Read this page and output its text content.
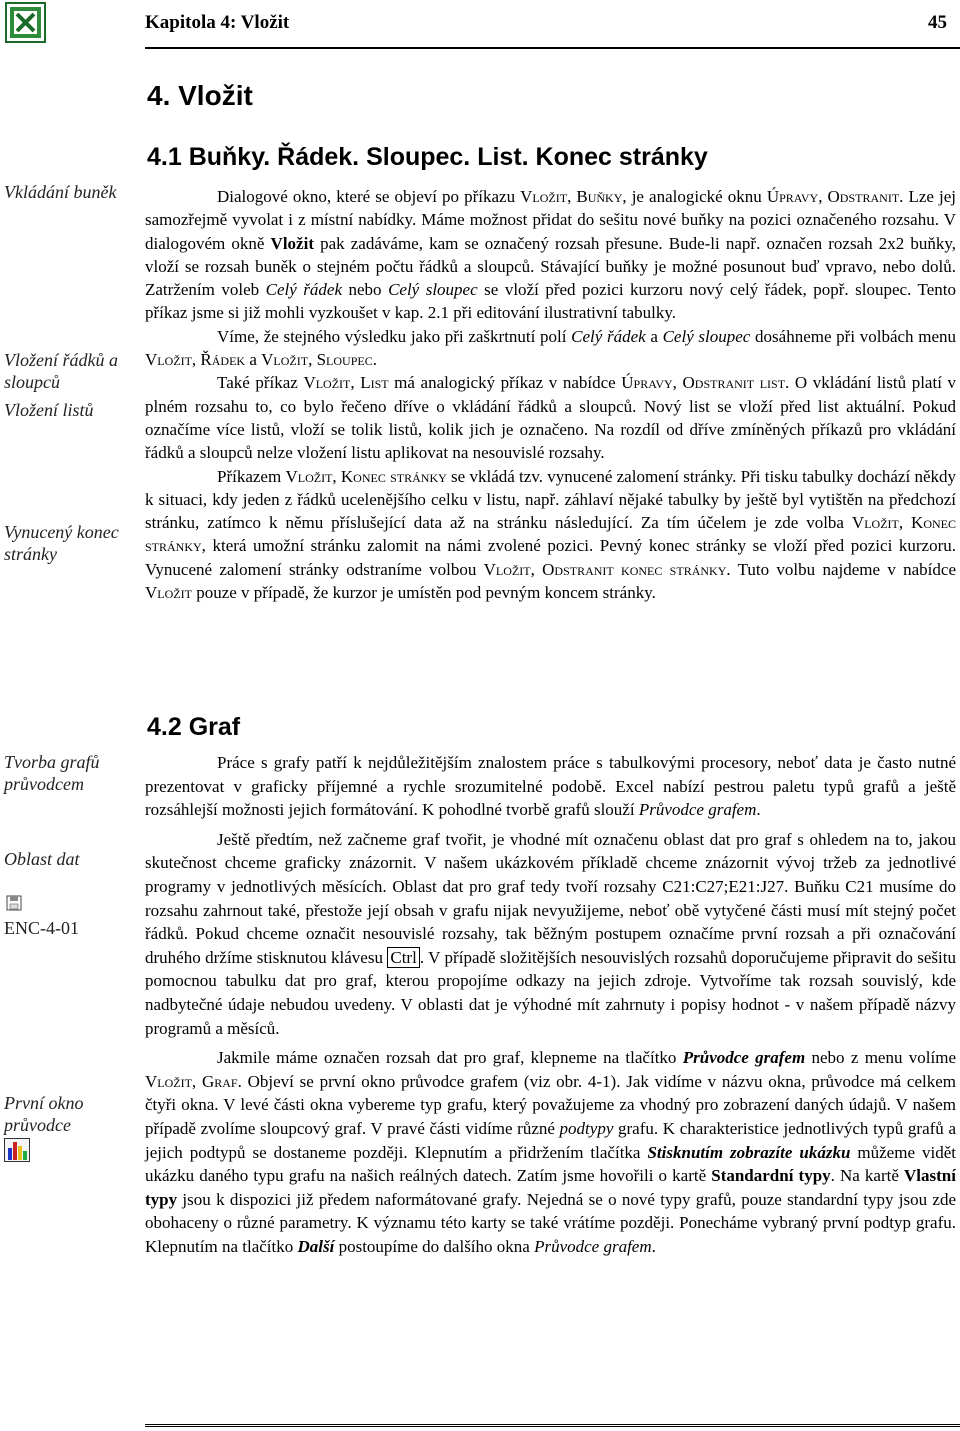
Kapitola 4: Vložit	45
4. Vložit
4.1 Buňky. Řádek. Sloupec. List. Konec stránky
Vkládání buněk
Vložení řádků a sloupců
Vložení listů
Vynucený konec stránky

Dialogové okno, které se objeví po příkazu Vložit, Buňky, je analogické oknu Úpravy, Odstranit. Lze jej samozřejmě vyvolat i z místní nabídky. Máme možnost přidat do sešitu nové buňky na pozici označeného rozsahu. V dialogovém okně Vložit pak zadáváme, kam se označený rozsah přesune. Bude-li např. označen rozsah 2x2 buňky, vloží se rozsah buněk o stejném počtu řádků a sloupců. Stávající buňky je možné posunout buď vpravo, nebo dolů. Zatržením voleb Celý řádek nebo Celý sloupec se vloží před pozici kurzoru nový celý řádek, popř. sloupec. Tento příkaz jsme si již mohli vyzkoušet v kap. 2.1 při editování ilustrativní tabulky.

Víme, že stejného výsledku jako při zaškrtnutí polí Celý řádek a Celý sloupec dosáhneme při volbách menu Vložit, Řádek a Vložit, Sloupec.

Také příkaz Vložit, List má analogický příkaz v nabídce Úpravy, Odstranit list. O vkládání listů platí v plném rozsahu to, co bylo řečeno dříve o vkládání řádků a sloupců. Nový list se vloží před list aktuální. Pokud označíme více listů, vloží se tolik listů, kolik jich je označeno. Na rozdíl od dříve zmíněných příkazů pro vkládání řádků a sloupců nelze vložení listu aplikovat na nesouvislé rozsahy.

Příkazem Vložit, Konec stránky se vkládá tzv. vynucené zalomení stránky. Při tisku tabulky dochází někdy k situaci, kdy jeden z řádků ucelenějšího celku v listu, např. záhlaví nějaké tabulky by ještě byl vytištěn na předchozí stránku, zatímco k němu příslušející data až na stránku následující. Za tím účelem je zde volba Vložit, Konec stránky, která umožní stránku zalomit na námi zvolené pozici. Pevný konec stránky se vloží před pozici kurzoru. Vynucené zalomení stránky odstraníme volbou Vložit, Odstranit konec stránky. Tuto volbu najdeme v nabídce Vložit pouze v případě, že kurzor je umístěn pod pevným koncem stránky.

4.2 Graf
Tvorba grafů průvodcem
Oblast dat
ENC-4-01
První okno průvodce

Práce s grafy patří k nejdůležitějším znalostem práce s tabulkovými procesory, neboť data je často nutné prezentovat v graficky příjemné a rychle srozumitelné podobě. Excel nabízí pestrou paletu typů grafů a ještě rozsáhlejší možnosti jejich formátování. K pohodlné tvorbě grafů slouží Průvodce grafem.

Ještě předtím, než začneme graf tvořit, je vhodné mít označenu oblast dat pro graf s ohledem na to, jakou skutečnost chceme graficky znázornit. V našem ukázkovém příkladě chceme znázornit vývoj tržeb za jednotlivé programy v jednotlivých měsících. Oblast dat pro graf tedy tvoří rozsahy C21:C27;E21:J27. Buňku C21 musíme do rozsahu zahrnout také, přestože její obsah v grafu nijak nevyužijeme, neboť obě vytyčené části musí mít stejný počet řádků. Pokud chceme označit nesouvislé rozsahy, tak běžným postupem označíme první rozsah a při označování druhého držíme stisknutou klávesu Ctrl . V případě složitějších nesouvislých rozsahů doporučujeme připravit do sešitu pomocnou tabulku dat pro graf, kterou propojíme odkazy na jejich zdroje. Vytvoříme tak rozsah souvislý, kde nadbytečné údaje nebudou uvedeny. V oblasti dat je výhodné mít zahrnuty i popisy hodnot - v našem případě názvy programů a měsíců.

Jakmile máme označen rozsah dat pro graf, klepneme na tlačítko Průvodce grafem nebo z menu volíme Vložit, Graf. Objeví se první okno průvodce grafem (viz obr. 4-1). Jak vidíme v názvu okna, průvodce má celkem čtyři okna. V levé části okna vybereme typ grafu, který považujeme za vhodný pro zobrazení daných údajů. V našem případě zvolíme sloupcový graf. V pravé části vidíme různé podtypy grafu. K charakteristice jednotlivých typů grafů a jejich podtypů se dostaneme později. Klepnutím a přidržením tlačítka Stisknutím zobrazíte ukázku můžeme vidět ukázku daného typu grafu na našich reálných datech. Zatím jsme hovořili o kartě Standardní typy. Na kartě Vlastní typy jsou k dispozici již předem naformátované grafy. Nejedná se o nové typy grafů, pouze standardní typy jsou zde obohaceny o různé parametry. K významu této karty se také vrátíme později. Ponecháme vybraný první podtyp grafu. Klepnutím na tlačítko Další postoupíme do dalšího okna Průvodce grafem.
